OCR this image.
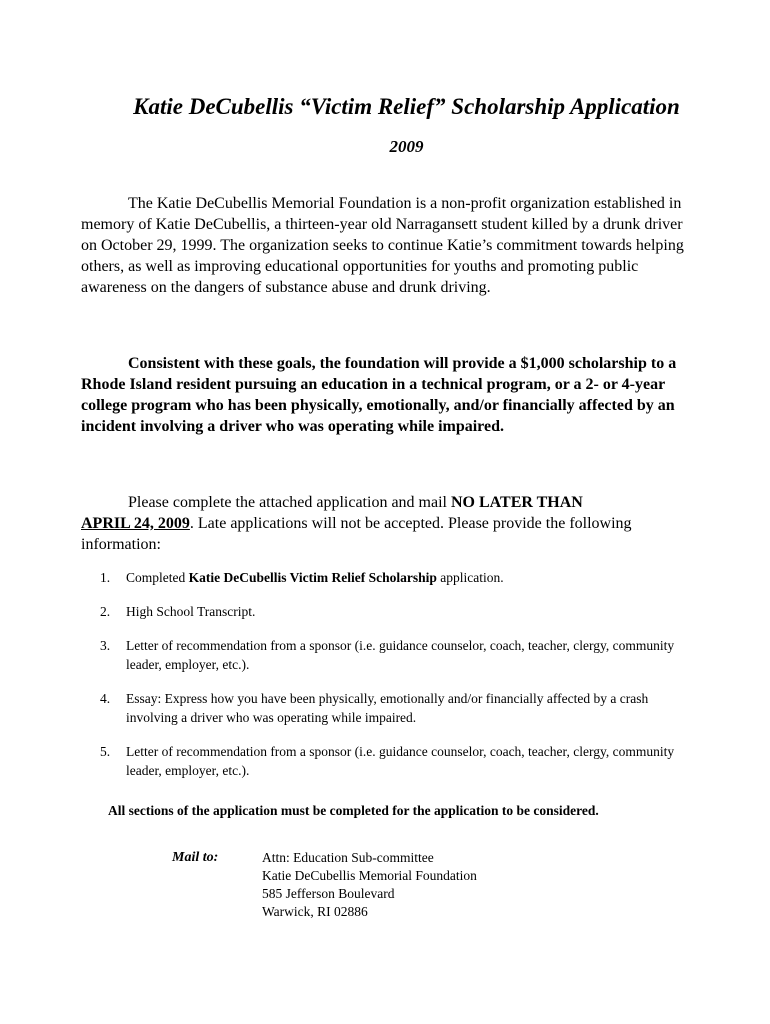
Katie DeCubellis “Victim Relief” Scholarship Application
2009

The Katie DeCubellis Memorial Foundation is a non-profit organization established in memory of Katie DeCubellis, a thirteen-year old Narragansett student killed by a drunk driver on October 29, 1999. The organization seeks to continue Katie’s commitment towards helping others, as well as improving educational opportunities for youths and promoting public awareness on the dangers of substance abuse and drunk driving.

Consistent with these goals, the foundation will provide a $1,000 scholarship to a Rhode Island resident pursuing an education in a technical program, or a 2- or 4-year college program who has been physically, emotionally, and/or financially affected by an incident involving a driver who was operating while impaired.

Please complete the attached application and mail NO LATER THAN
APRIL 24, 2009. Late applications will not be accepted. Please provide the following information:

1. Completed Katie DeCubellis Victim Relief Scholarship application.
2. High School Transcript.
3. Letter of recommendation from a sponsor (i.e. guidance counselor, coach, teacher, clergy, community leader, employer, etc.).
4. Essay: Express how you have been physically, emotionally and/or financially affected by a crash involving a driver who was operating while impaired.
5. Letter of recommendation from a sponsor (i.e. guidance counselor, coach, teacher, clergy, community leader, employer, etc.).
All sections of the application must be completed for the application to be considered.
Mail to:	Attn: Education Sub-committee
Katie DeCubellis Memorial Foundation
585 Jefferson Boulevard
Warwick, RI 02886
